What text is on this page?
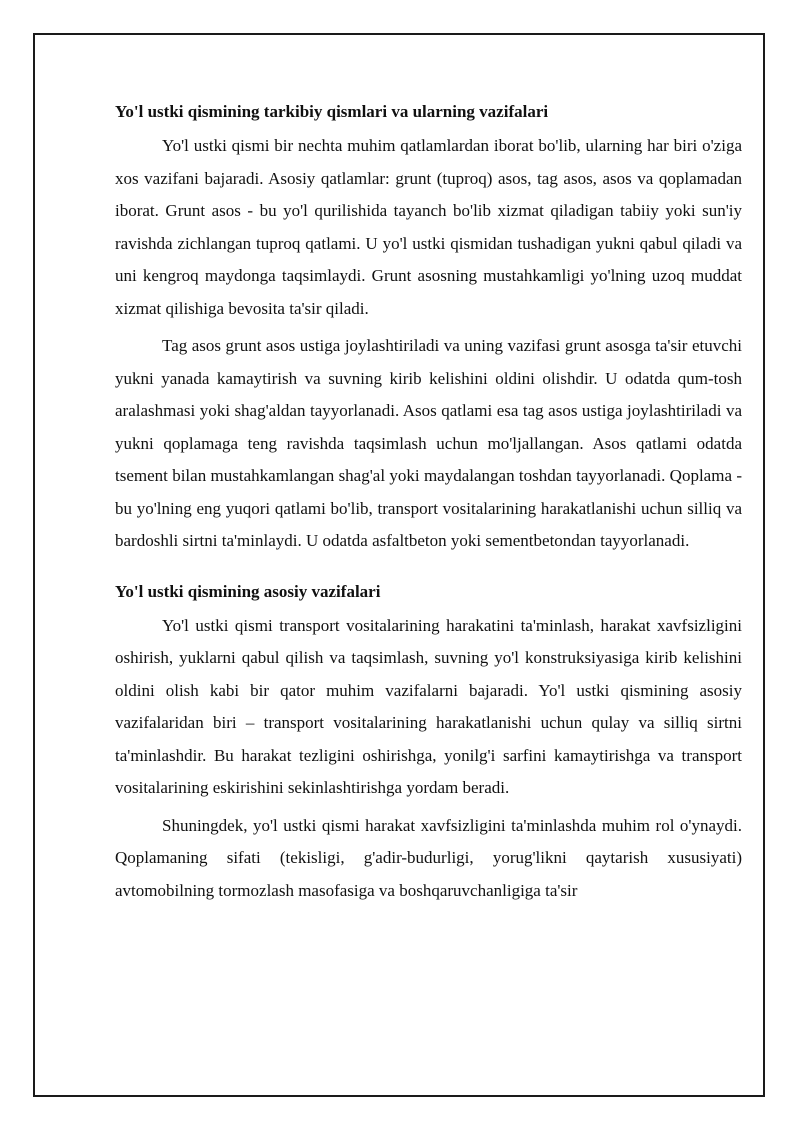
Yo'l ustki qismining tarkibiy qismlari va ularning vazifalari

Yo'l ustki qismi bir nechta muhim qatlamlardan iborat bo'lib, ularning har biri o'ziga xos vazifani bajaradi. Asosiy qatlamlar: grunt (tuproq) asos, tag asos, asos va qoplamadan iborat. Grunt asos - bu yo'l qurilishida tayanch bo'lib xizmat qiladigan tabiiy yoki sun'iy ravishda zichlangan tuproq qatlami. U yo'l ustki qismidan tushadigan yukni qabul qiladi va uni kengroq maydonga taqsimlaydi. Grunt asosning mustahkamligi yo'lning uzoq muddat xizmat qilishiga bevosita ta'sir qiladi.

Tag asos grunt asos ustiga joylashtiriladi va uning vazifasi grunt asosga ta'sir etuvchi yukni yanada kamaytirish va suvning kirib kelishini oldini olishdir. U odatda qum-tosh aralashmasi yoki shag'aldan tayyorlanadi. Asos qatlami esa tag asos ustiga joylashtiriladi va yukni qoplamaga teng ravishda taqsimlash uchun mo'ljallangan. Asos qatlami odatda tsement bilan mustahkamlangan shag'al yoki maydalangan toshdan tayyorlanadi. Qoplama - bu yo'lning eng yuqori qatlami bo'lib, transport vositalarining harakatlanishi uchun silliq va bardoshli sirtni ta'minlaydi. U odatda asfaltbeton yoki sementbetondan tayyorlanadi.

Yo'l ustki qismining asosiy vazifalari

Yo'l ustki qismi transport vositalarining harakatini ta'minlash, harakat xavfsizligini oshirish, yuklarni qabul qilish va taqsimlash, suvning yo'l konstruksiyasiga kirib kelishini oldini olish kabi bir qator muhim vazifalarni bajaradi. Yo'l ustki qismining asosiy vazifalaridan biri – transport vositalarining harakatlanishi uchun qulay va silliq sirtni ta'minlashdir. Bu harakat tezligini oshirishga, yonilg'i sarfini kamaytirishga va transport vositalarining eskirishini sekinlashtirishga yordam beradi.

Shuningdek, yo'l ustki qismi harakat xavfsizligini ta'minlashda muhim rol o'ynaydi. Qoplamaning sifati (tekisligi, g'adir-budurligi, yorug'likni qaytarish xususiyati) avtomobilning tormozlash masofasiga va boshqaruvchanligiga ta'sir
